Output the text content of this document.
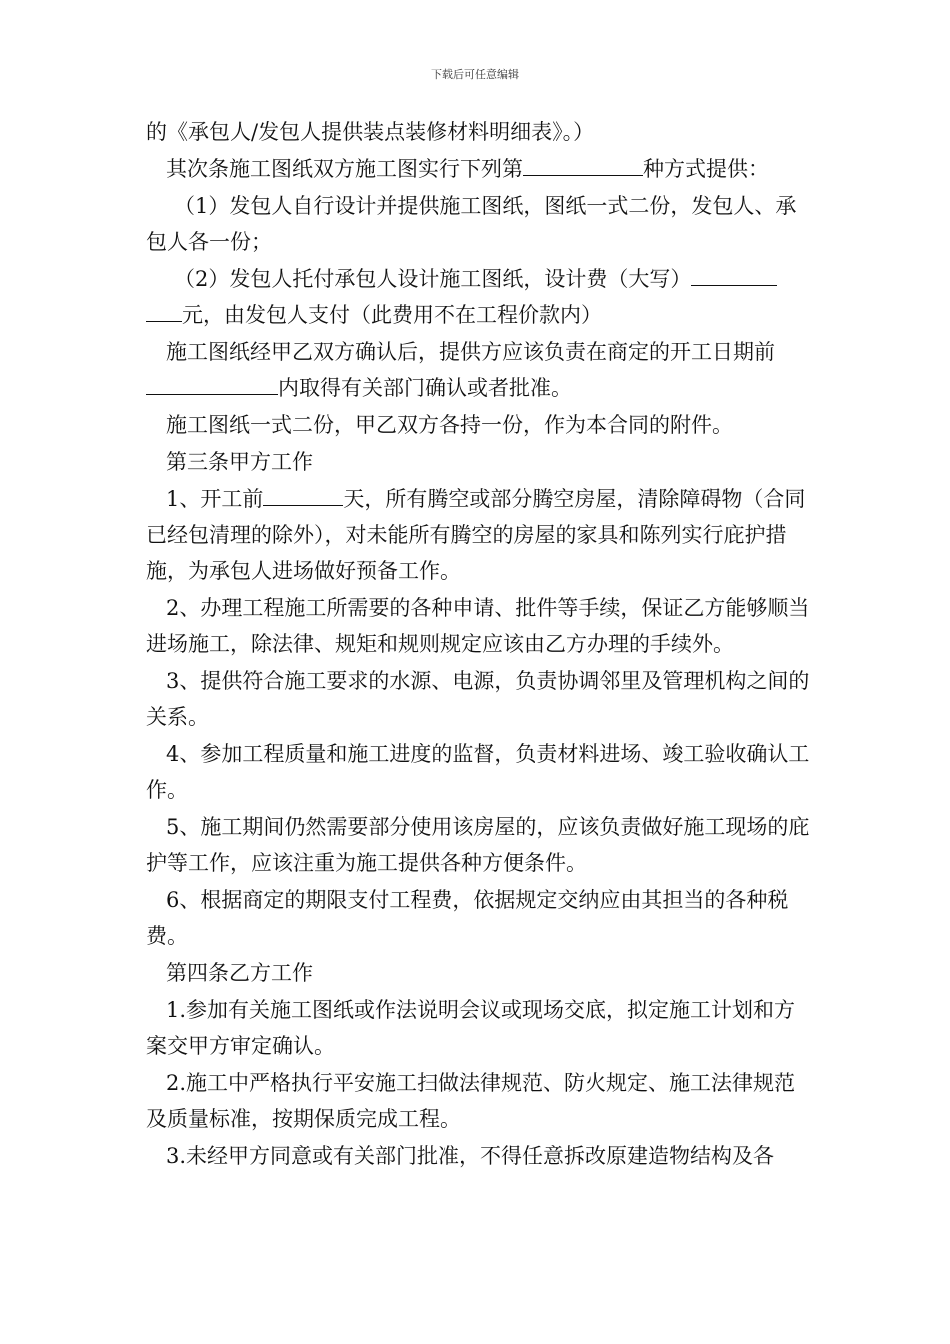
下载后可任意编辑

的《承包人/发包人提供装点装修材料明细表》。）

其次条施工图纸双方施工图实行下列第	种方式提供：

（1）发包人自行设计并提供施工图纸，图纸一式二份，发包人、承包人各一份；

（2）发包人托付承包人设计施工图纸，设计费（大写）元，由发包人支付（此费用不在工程价款内）

施工图纸经甲乙双方确认后，提供方应该负责在商定的开工日期前内取得有关部门确认或者批准。

施工图纸一式二份，甲乙双方各持一份，作为本合同的附件。

第三条甲方工作

1、开工前	天，所有腾空或部分腾空房屋，清除障碍物（合同已经包清理的除外），对未能所有腾空的房屋的家具和陈列实行庇护措施，为承包人进场做好预备工作。

2、办理工程施工所需要的各种申请、批件等手续，保证乙方能够顺当进场施工，除法律、规矩和规则规定应该由乙方办理的手续外。

3、提供符合施工要求的水源、电源，负责协调邻里及管理机构之间的关系。

4、参加工程质量和施工进度的监督，负责材料进场、竣工验收确认工作。

5、施工期间仍然需要部分使用该房屋的，应该负责做好施工现场的庇护等工作，应该注重为施工提供各种方便条件。

6、根据商定的期限支付工程费，依据规定交纳应由其担当的各种税费。

第四条乙方工作

1.参加有关施工图纸或作法说明会议或现场交底，拟定施工计划和方案交甲方审定确认。

2.施工中严格执行平安施工扫做法律规范、防火规定、施工法律规范及质量标准，按期保质完成工程。

3.未经甲方同意或有关部门批准，不得任意拆改原建造物结构及各
